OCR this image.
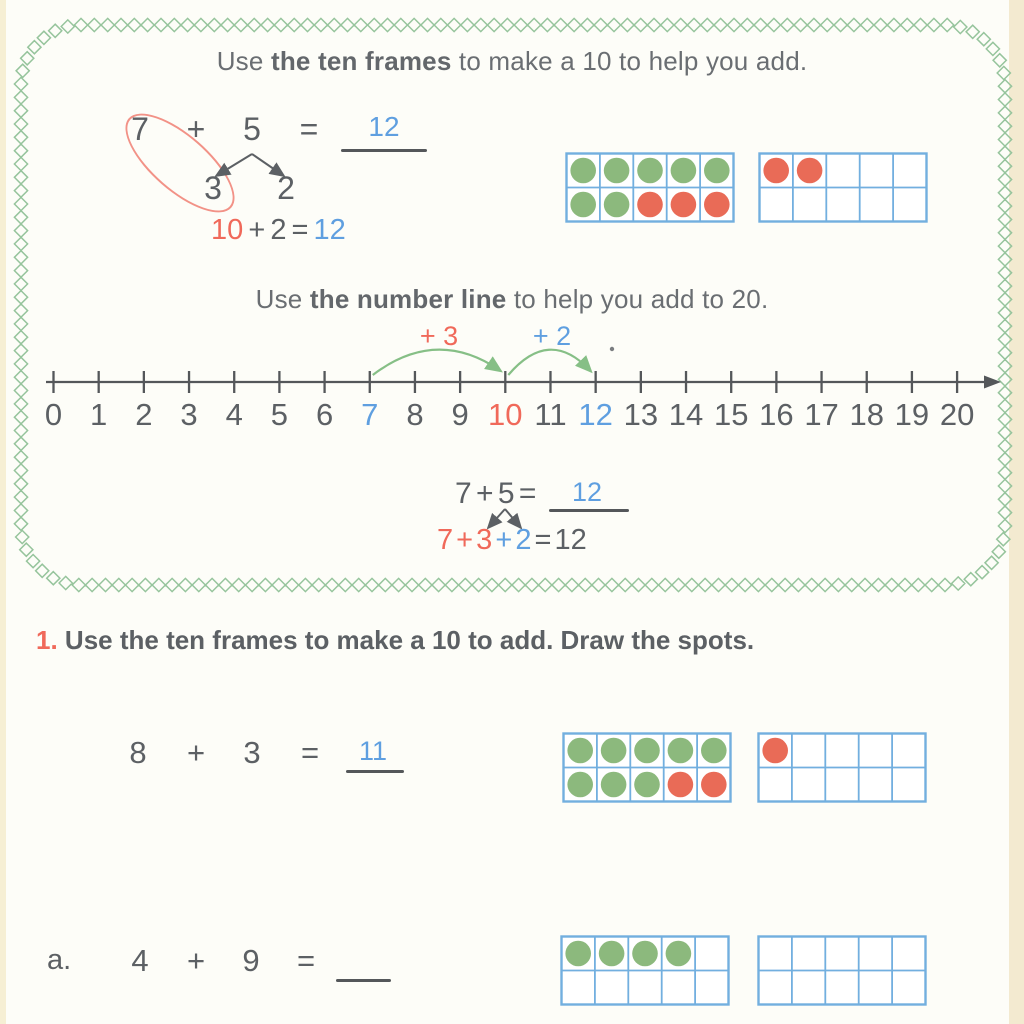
Use the ten frames to make a 10 to help you add.
7 + 5 = 12
3 2
10 + 2 = 12
Use the number line to help you add to 20.
0 1 2 3 4 5 6 7 8 9 10 11 12 13 14 15 16 17 18 19 20
+ 3	+ 2
7 + 5 = 12
7 + 3 + 2 = 12
1. Use the ten frames to make a 10 to add. Draw the spots.
8 + 3 = 11
a. 4 + 9 =
